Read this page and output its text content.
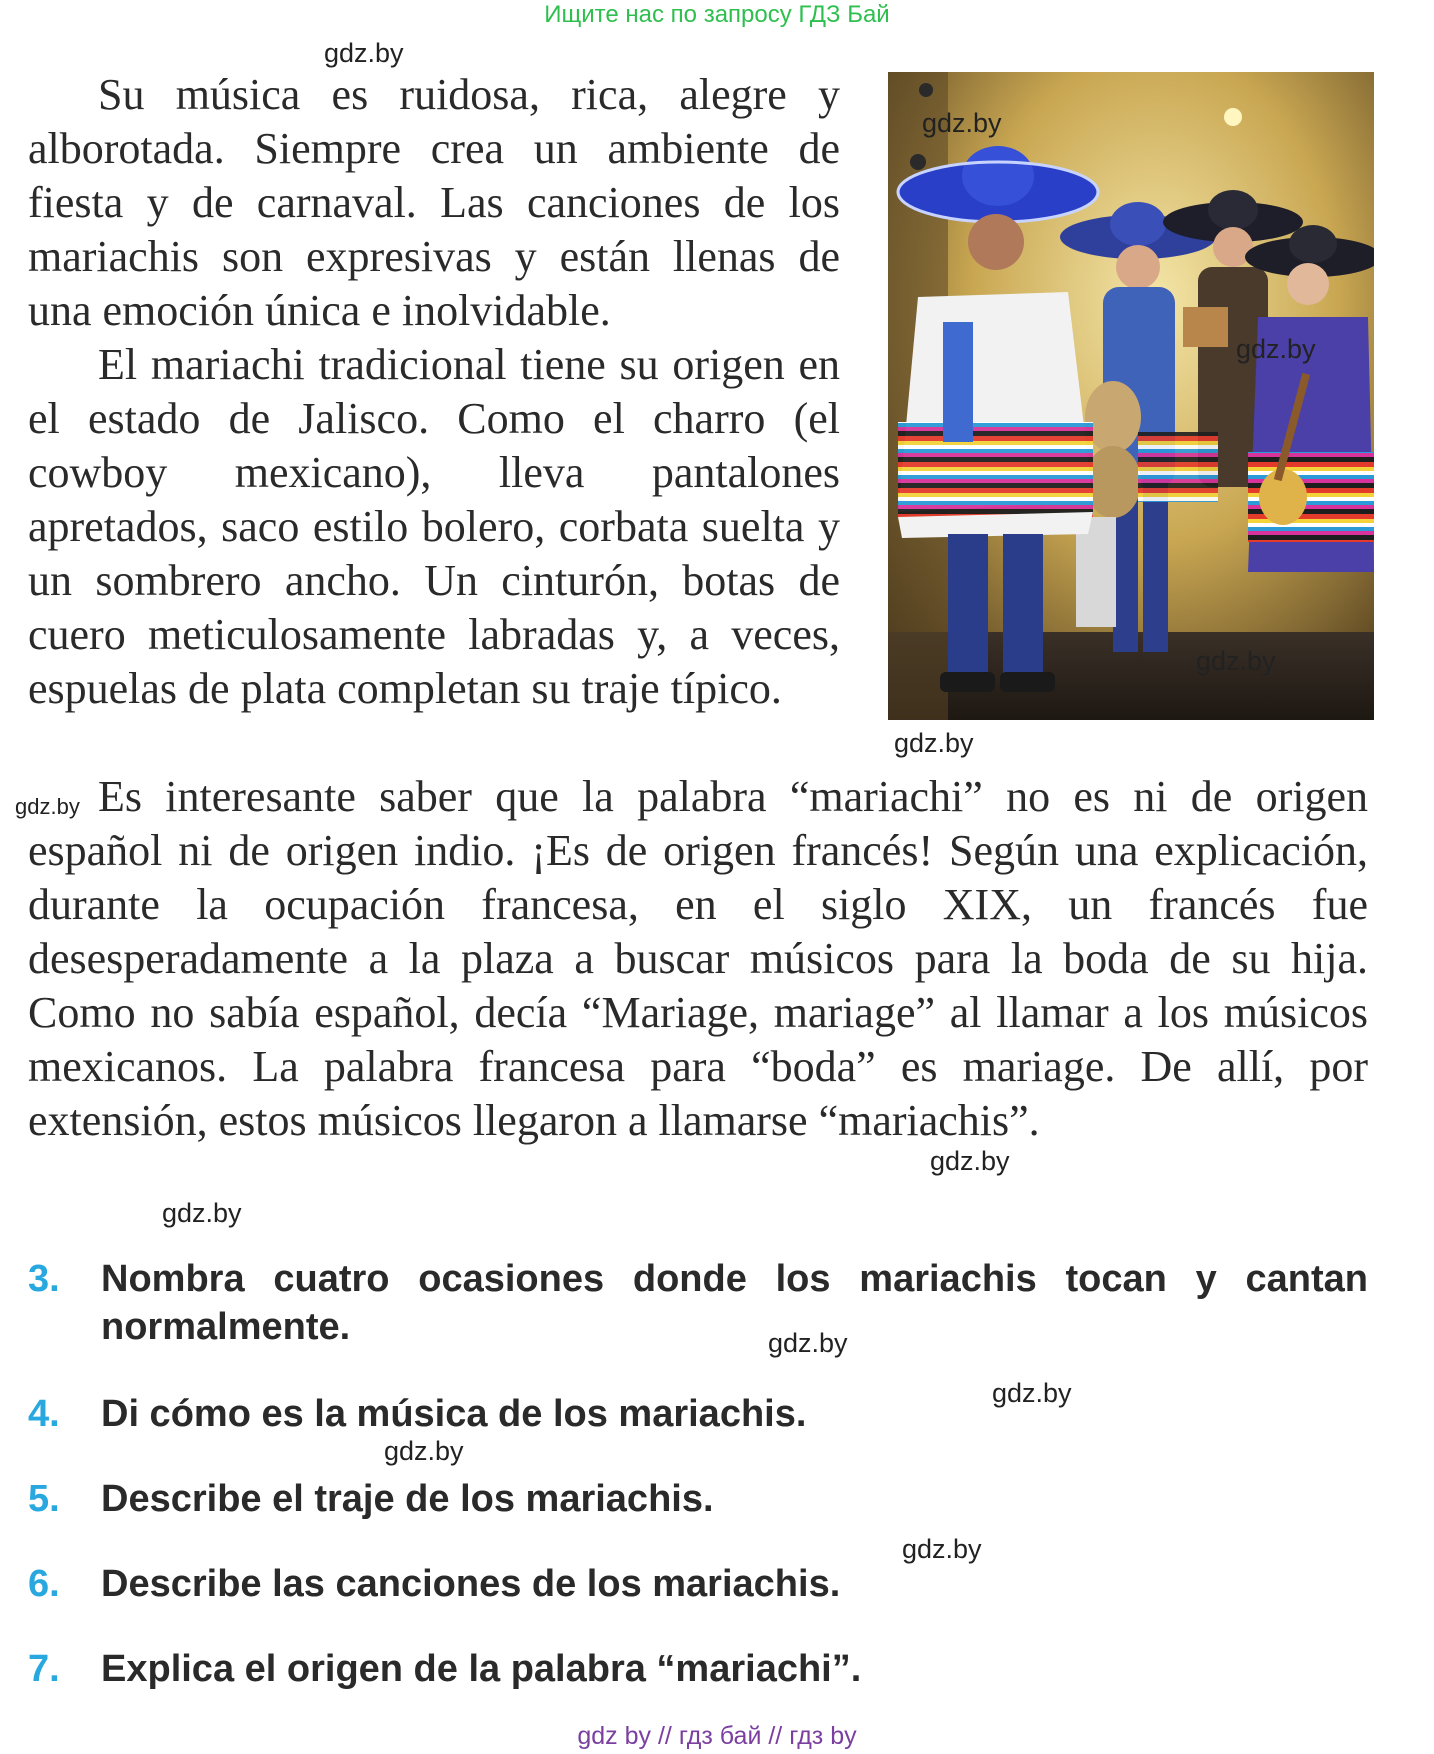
Ищите нас по запросу ГДЗ Бай

Su música es ruidosa, rica, alegre y alborotada. Siempre crea un ambiente de fiesta y de carnaval. Las canciones de los mariachis son expresivas y están llenas de una emoción única e inolvidable.

El mariachi tradicional tiene su origen en el estado de Jalisco. Como el charro (el cowboy mexicano), lleva pantalones apretados, saco estilo bolero, corbata suelta y un sombrero ancho. Un cinturón, botas de cuero meticulosamente labradas y, a veces, espuelas de plata completan su traje típico.

Es interesante saber que la palabra “mariachi” no es ni de origen español ni de origen indio. ¡Es de origen francés! Según una explicación, durante la ocupación francesa, en el siglo XIX, un francés fue desesperadamente a la plaza a buscar músicos para la boda de su hija. Como no sabía español, decía “Mariage, mariage” al llamar a los músicos mexicanos. La palabra francesa para “boda” es mariage. De allí, por extensión, estos músicos llegaron a llamarse “mariachis”.

gdz.by
gdz.by
gdz.by
gdz.by
gdz.by
gdz.by
gdz.by
gdz.by
gdz.by
gdz.by
gdz.by
gdz.by
3. Nombra cuatro ocasiones donde los mariachis tocan y cantan normalmente.
4. Di cómo es la música de los mariachis.
5. Describe el traje de los mariachis.
6. Describe las canciones de los mariachis.
7. Explica el origen de la palabra “mariachi”.
gdz by // гдз бай // гдз by
